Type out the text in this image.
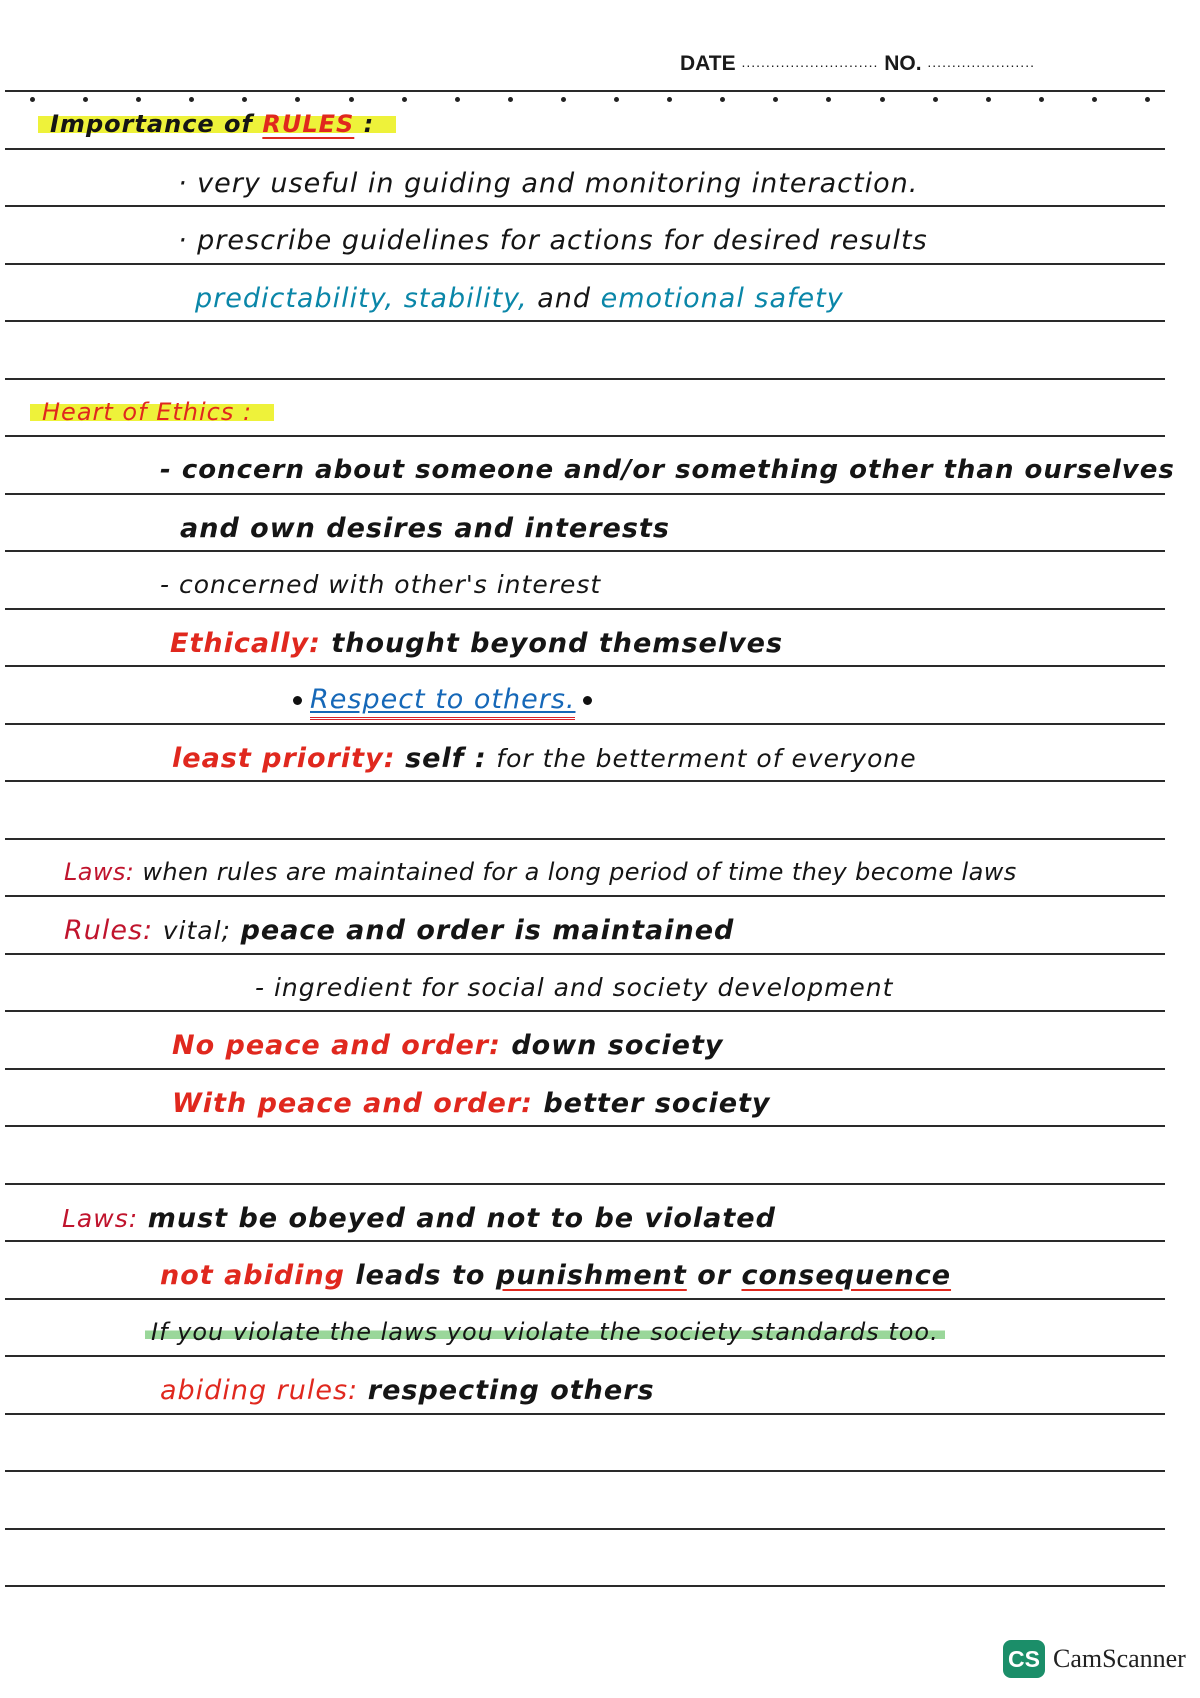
DATE ............................ NO. ......................
Importance of RULES :
· very useful in guiding and monitoring interaction.
· prescribe guidelines for actions for desired results
predictability, stability, and emotional safety
Heart of Ethics :
- concern about someone and/or something other than ourselves
and own desires and interests
- concerned with other's interest
Ethically: thought beyond themselves
Respect to others.
least priority: self : for the betterment of everyone
Laws: when rules are maintained for a long period of time they become laws
Rules: vital; peace and order is maintained
- ingredient for social and society development
No peace and order: down society
With peace and order: better society
Laws: must be obeyed and not to be violated
not abiding leads to punishment or consequence
If you violate the laws you violate the society standards too.
abiding rules: respecting others
CS CamScanner
